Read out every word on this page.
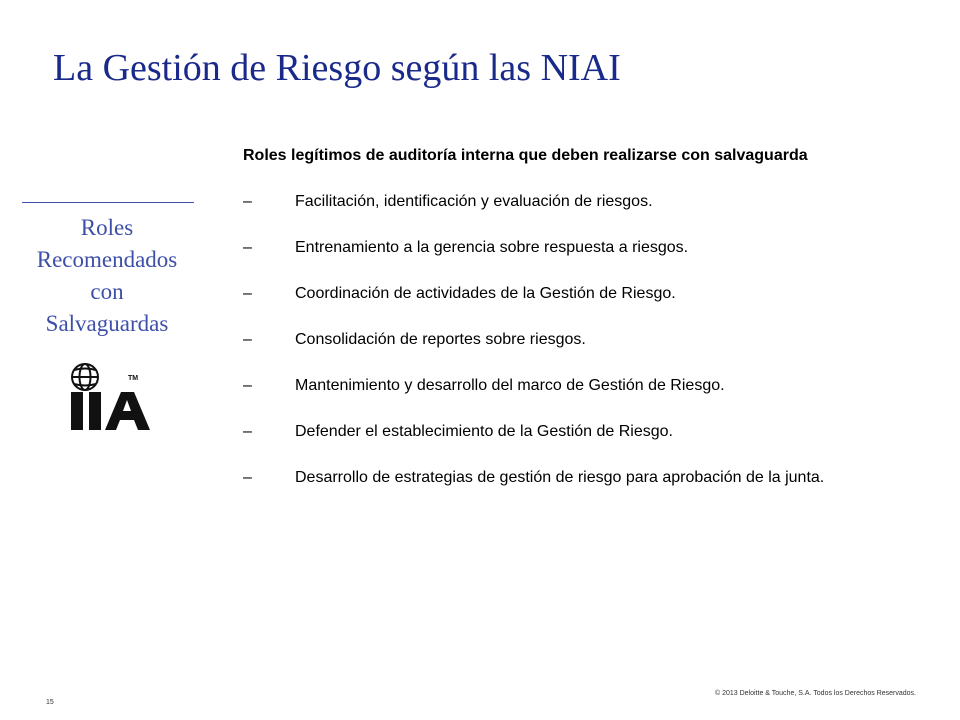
La Gestión de Riesgo según las NIAI
Roles
Recomendados
con
Salvaguardas
TM

Roles legítimos de auditoría interna que deben realizarse con salvaguarda

–	Facilitación, identificación y evaluación de riesgos.
–	Entrenamiento a la gerencia sobre respuesta a riesgos.
–	Coordinación de actividades de la Gestión de Riesgo.
–	Consolidación de reportes sobre riesgos.
–	Mantenimiento y desarrollo del marco de Gestión de Riesgo.
–	Defender el establecimiento de la Gestión de Riesgo.
–	Desarrollo de estrategias de gestión de riesgo para aprobación de la junta.
© 2013 Deloitte & Touche, S.A. Todos los Derechos Reservados.
15
